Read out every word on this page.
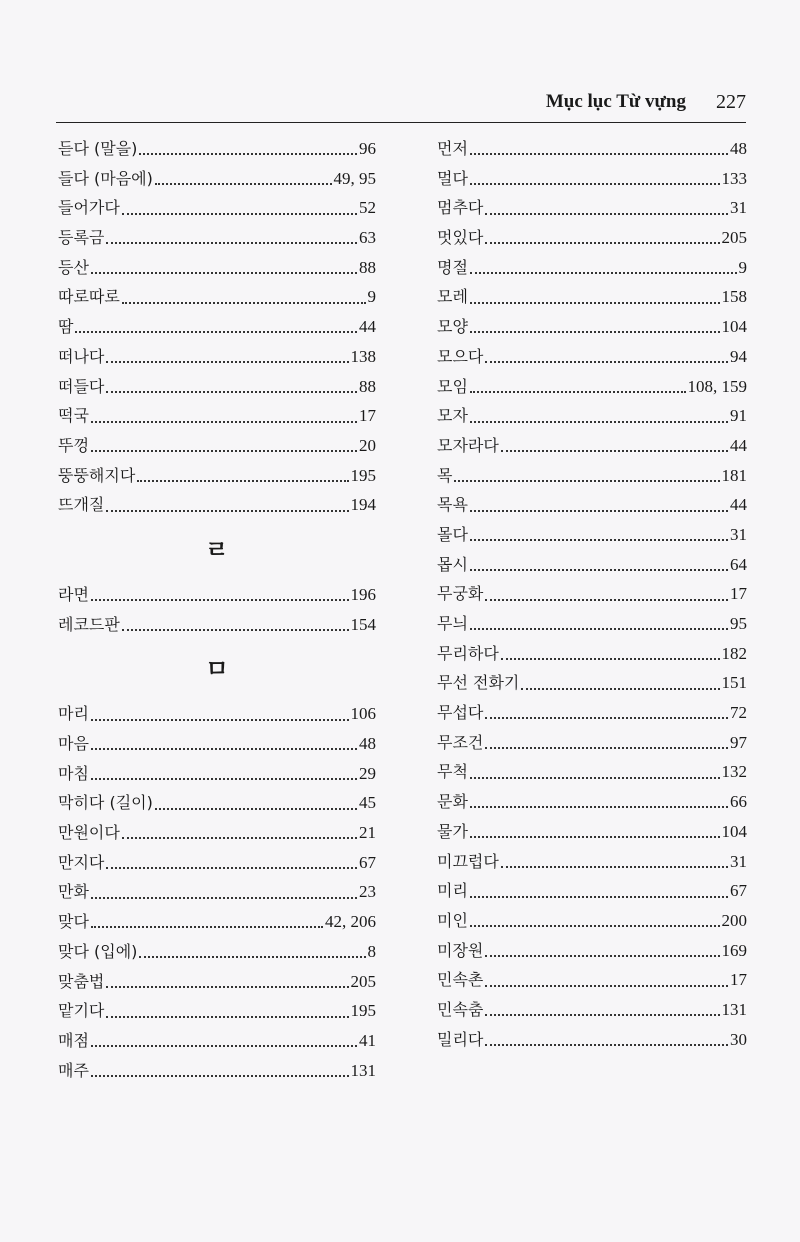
Mục lục Từ vựng 227
듣다 (말을)	96
들다 (마음에)	49, 95
들어가다	52
등록금	63
등산	88
따로따로	9
땀	44
떠나다	138
떠들다	88
떡국	17
뚜껑	20
뚱뚱해지다	195
뜨개질	194
ㄹ
라면	196
레코드판	154
ㅁ
마리	106
마음	48
마침	29
막히다 (길이)	45
만원이다	21
만지다	67
만화	23
맞다	42, 206
맞다 (입에)	8
맞춤법	205
맡기다	195
매점	41
매주	131
먼저	48
멀다	133
멈추다	31
멋있다	205
명절	9
모레	158
모양	104
모으다	94
모임	108, 159
모자	91
모자라다	44
목	181
목욕	44
몰다	31
몹시	64
무궁화	17
무늬	95
무리하다	182
무선 전화기	151
무섭다	72
무조건	97
무척	132
문화	66
물가	104
미끄럽다	31
미리	67
미인	200
미장원	169
민속촌	17
민속춤	131
밀리다	30
